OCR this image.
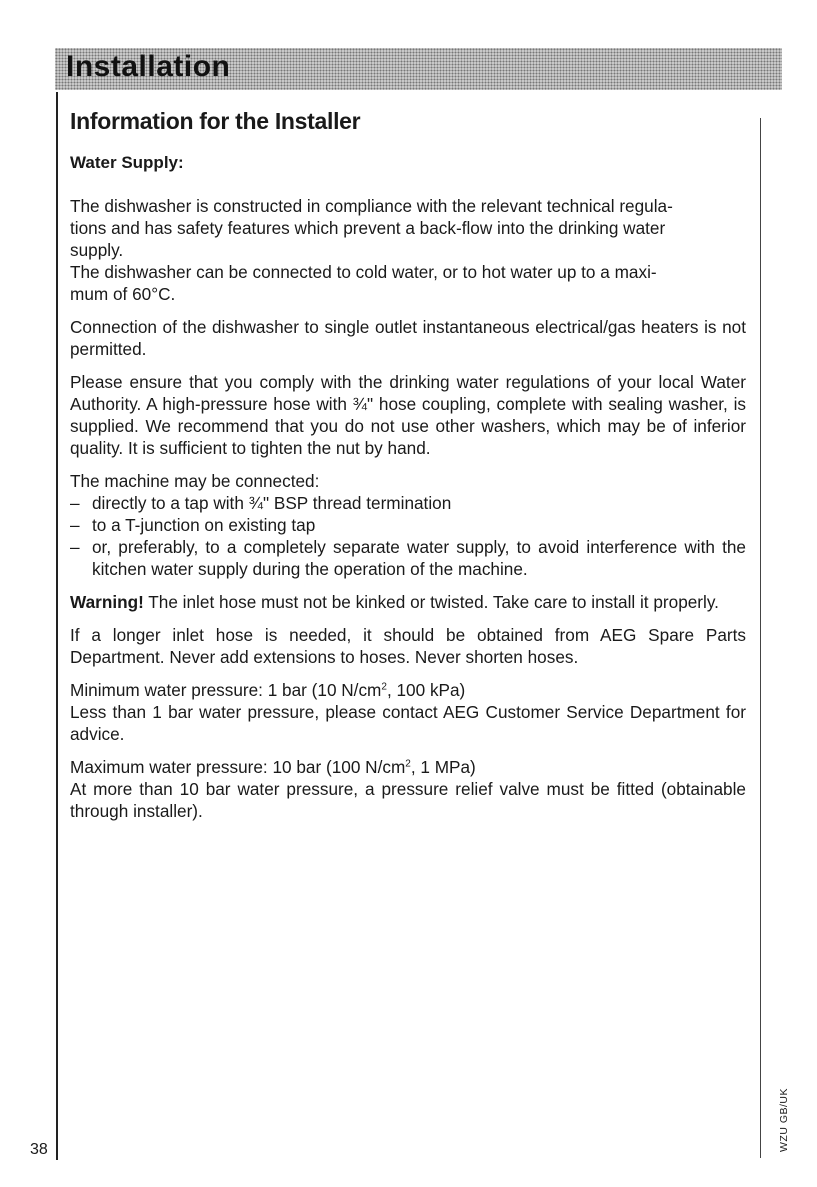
Installation
Information for the Installer
Water Supply:
The dishwasher is constructed in compliance with the relevant technical regula-
tions and has safety features which prevent a back-flow into the drinking water
supply.
The dishwasher can be connected to cold water, or to hot water up to a maxi-
mum of 60°C.
Connection of the dishwasher to single outlet instantaneous electrical/gas heaters is not permitted.
Please ensure that you comply with the drinking water regulations of your local Water Authority. A high-pressure hose with ¾" hose coupling, complete with sealing washer, is supplied. We recommend that you do not use other washers, which may be of inferior quality. It is sufficient to tighten the nut by hand.
The machine may be connected:
– directly to a tap with ¾" BSP thread termination
– to a T-junction on existing tap
– or, preferably, to a completely separate water supply, to avoid interference with the kitchen water supply during the operation of the machine.
Warning! The inlet hose must not be kinked or twisted. Take care to install it properly.
If a longer inlet hose is needed, it should be obtained from AEG Spare Parts Department. Never add extensions to hoses. Never shorten hoses.
Minimum water pressure: 1 bar (10 $N/cm^2$, 100 kPa)
Less than 1 bar water pressure, please contact AEG Customer Service Department for advice.
Maximum water pressure: 10 bar (100 $N/cm^2$, 1 MPa)
At more than 10 bar water pressure, a pressure relief valve must be fitted (obtainable through installer).
38	WZU GB/UK
